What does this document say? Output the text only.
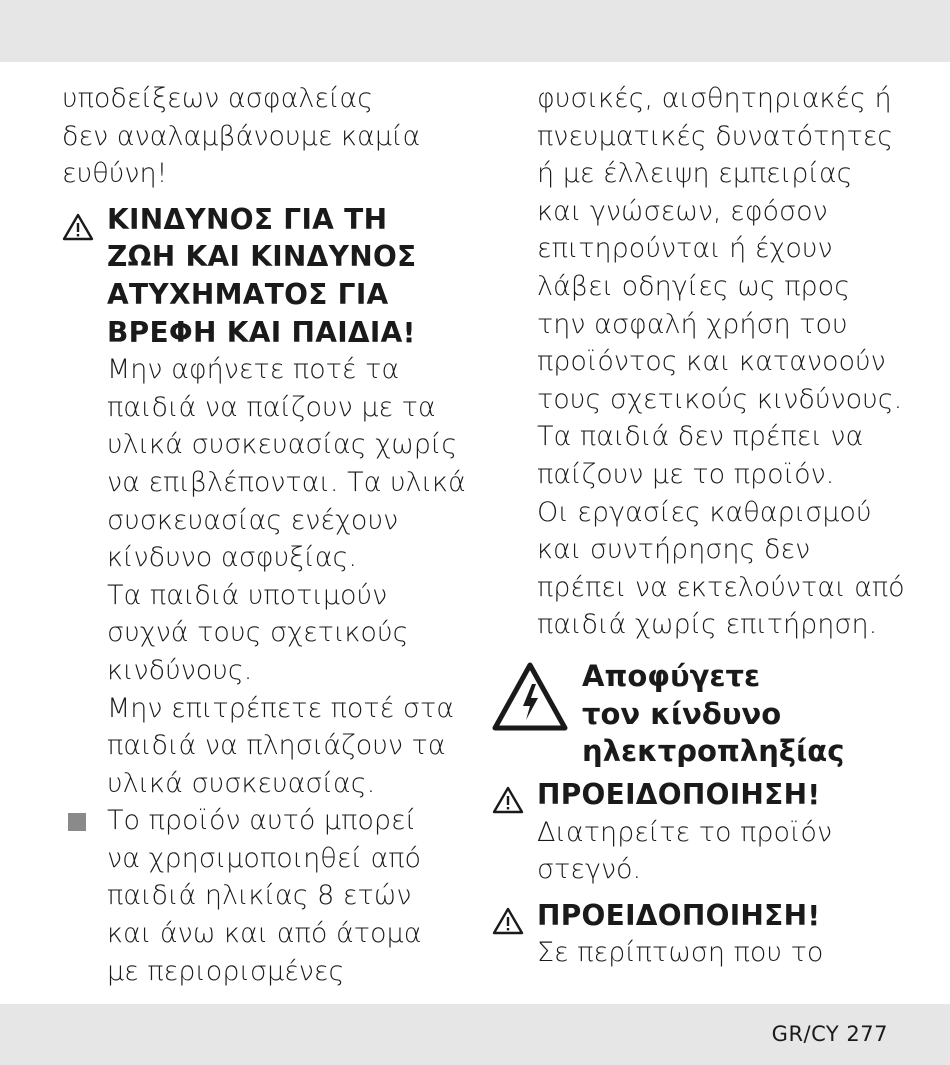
υποδείξεων ασφαλείας
δεν αναλαμβάνουμε καμία
ευθύνη!

ΚΙΝΔΥΝΟΣ ΓΙΑ ΤΗ
ΖΩΗ ΚΑΙ ΚΙΝΔΥΝΟΣ
ΑΤΥΧΗΜΑΤΟΣ ΓΙΑ
ΒΡΕΦΗ ΚΑΙ ΠΑΙΔΙΑ!

Μην αφήνετε ποτέ τα
παιδιά να παίζουν με τα
υλικά συσκευασίας χωρίς
να επιβλέπονται. Τα υλικά
συσκευασίας ενέχουν
κίνδυνο ασφυξίας.
Τα παιδιά υποτιμούν
συχνά τους σχετικούς
κινδύνους.
Μην επιτρέπετε ποτέ στα
παιδιά να πλησιάζουν τα
υλικά συσκευασίας.

Το προϊόν αυτό μπορεί
να χρησιμοποιηθεί από
παιδιά ηλικίας 8 ετών
και άνω και από άτομα
με περιορισμένες

φυσικές, αισθητηριακές ή
πνευματικές δυνατότητες
ή με έλλειψη εμπειρίας
και γνώσεων, εφόσον
επιτηρούνται ή έχουν
λάβει οδηγίες ως προς
την ασφαλή χρήση του
προϊόντος και κατανοούν
τους σχετικούς κινδύνους.
Τα παιδιά δεν πρέπει να
παίζουν με το προϊόν.
Οι εργασίες καθαρισμού
και συντήρησης δεν
πρέπει να εκτελούνται από
παιδιά χωρίς επιτήρηση.

Αποφύγετε
τον κίνδυνο
ηλεκτροπληξίας

ΠΡΟΕΙΔΟΠΟΙΗΣΗ!

Διατηρείτε το προϊόν
στεγνό.

ΠΡΟΕΙΔΟΠΟΙΗΣΗ!

Σε περίπτωση που το

GR/CY 277
